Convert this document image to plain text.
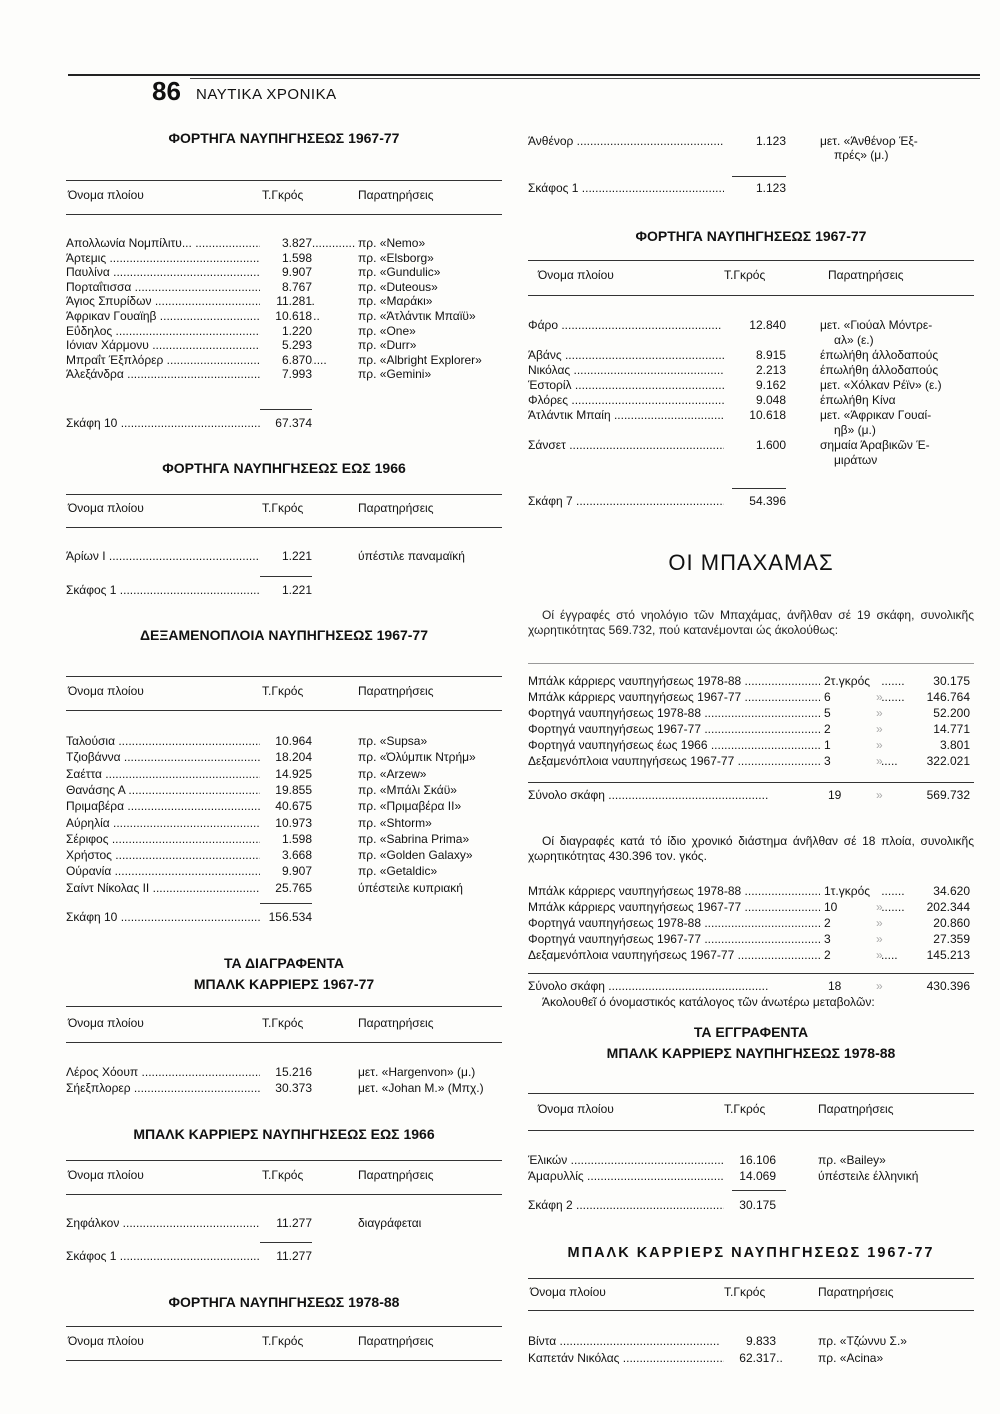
86 ΝΑΥΤΙΚΑ ΧΡΟΝΙΚΑ
ΦΟΡΤΗΓΑ ΝΑΥΠΗΓΗΣΕΩΣ 1967-77
Όνομα πλοίου	Τ.Γκρός	Παρατηρήσεις
Απολλωνία Νομπίλιτυ... .....	3.827	πρ. «Nemo»
Άρτεμις .....	1.598	πρ. «Elsborg»
Παυλίνα .....	9.907	πρ. «Gundulic»
Πορταΐτισσα .....	8.767	πρ. «Duteous»
Άγιος Σπυρίδων .....	11.281	πρ. «Μαράκι»
Άφρικαν Γουαϊηβ .....	10.618	πρ. «Άτλάντικ Μπαϊϋ»
Εΰδηλος .....	1.220	πρ. «One»
Ιόνιαν Χάρμονυ .....	5.293	πρ. «Durr»
Μπραΐτ Έξπλόρερ .....	6.870	πρ. «Albright Explorer»
Άλεξάνδρα .....	7.993	πρ. «Gemini»
Σκάφη 10 .....	67.374
ΦΟΡΤΗΓΑ ΝΑΥΠΗΓΗΣΕΩΣ ΕΩΣ 1966
Όνομα πλοίου	Τ.Γκρός	Παρατηρήσεις
Άρίων Ι .....	1.221	ύπέστιλε παναμαϊκή
Σκάφος 1 .....	1.221
ΔΕΞΑΜΕΝΟΠΛΟΙΑ ΝΑΥΠΗΓΗΣΕΩΣ 1967-77
Όνομα πλοίου	Τ.Γκρός	Παρατηρήσεις
Ταλούσια .....	10.964	πρ. «Supsa»
Τζιοβάννα .....	18.204	πρ. «Όλύμπικ Ντρήμ»
Σαέττα .....	14.925	πρ. «Arzew»
Θανάσης Α .....	19.855	πρ. «Μπάλι Σκάϋ»
Πριμαβέρα .....	40.675	πρ. «Πριμαβέρα ΙΙ»
Αύρηλία .....	10.973	πρ. «Shtorm»
Σέριφος .....	1.598	πρ. «Sabrina Prima»
Χρήστος .....	3.668	πρ. «Golden Galaxy»
Ούρανία .....	9.907	πρ. «Getaldic»
Σαίντ Νίκολας ΙΙ .....	25.765	ύπέστειλε κυπριακή
Σκάφη 10 .....	156.534
ΤΑ ΔΙΑΓΡΑΦΕΝΤΑ
ΜΠΑΛΚ ΚΑΡΡΙΕΡΣ 1967-77
Όνομα πλοίου	Τ.Γκρός	Παρατηρήσεις
Λέρος Χόουπ .....	15.216	μετ. «Hargenvon» (μ.)
Σήεξπλορερ .....	30.373	μετ. «Johan M.» (Μπχ.)
ΜΠΑΛΚ ΚΑΡΡΙΕΡΣ ΝΑΥΠΗΓΗΣΕΩΣ ΕΩΣ 1966
Όνομα πλοίου	Τ.Γκρός	Παρατηρήσεις
Σηφάλκον .....	11.277	διαγράφεται
Σκάφος 1 .....	11.277
ΦΟΡΤΗΓΑ ΝΑΥΠΗΓΗΣΕΩΣ 1978-88
Όνομα πλοίου	Τ.Γκρός	Παρατηρήσεις
Άνθένορ .....	1.123	μετ. «Άνθένορ Έξ-
πρές» (μ.)
Σκάφος 1 .....	1.123
ΦΟΡΤΗΓΑ ΝΑΥΠΗΓΗΣΕΩΣ 1967-77
Όνομα πλοίου	Τ.Γκρός	Παρατηρήσεις
Φάρο .....	12.840	μετ. «Γιούαλ Μόντρε-
αλ» (ε.)
Άβάνς .....	8.915	έπωλήθη άλλοδαπούς
Νικόλας .....	2.213	έπωλήθη άλλοδαπούς
Έστορίλ .....	9.162	μετ. «Χόλκαν Ρέϊν» (ε.)
Φλόρες .....	9.048	έπωλήθη Κίνα
Άτλάντικ Μπαίη .....	10.618	μετ. «Άφρικαν Γουαί-
ηβ» (μ.)
Σάνσετ .....	1.600	σημαία Άραβικῶν Έ-
μιράτων
Σκάφη 7 .....	54.396
ΟΙ ΜΠΑΧΑΜΑΣ
Οί έγγραφές στό νηολόγιο τῶν Μπαχάμας, άνῆλθαν σέ 19 σκάφη, συνολικῆς χωρητικότητας 569.732, πού κατανέμονται ώς άκολούθως:
Μπάλκ κάρριερς ναυπηγήσεως 1978-88 .....	2τ.γκρός	30.175
Μπάλκ κάρριερς ναυπηγήσεως 1967-77 .....	6	»	146.764
Φορτηγά ναυπηγήσεως 1978-88 .....	5	»	52.200
Φορτηγά ναυπηγήσεως 1967-77 .....	2	»	14.771
Φορτηγά ναυπηγήσεως έως 1966 .....	1	»	3.801
Δεξαμενόπλοια ναυπηγήσεως 1967-77 .....	3	»	322.021
Σύνολο σκάφη .....	19	»	569.732
Οί διαγραφές κατά τό ίδιο χρονικό διάστημα άνῆλθαν σέ 18 πλοία, συνολικῆς χωρητικότητας 430.396 τον. γκός.
Μπάλκ κάρριερς ναυπηγήσεως 1978-88 .....	1τ.γκρός	34.620
Μπάλκ κάρριερς ναυπηγήσεως 1967-77 .....	10	»	202.344
Φορτηγά ναυπηγήσεως 1978-88 .....	2	»	20.860
Φορτηγά ναυπηγήσεως 1967-77 .....	3	»	27.359
Δεξαμενόπλοια ναυπηγήσεως 1967-77 .....	2	»	145.213
Σύνολο σκάφη .....	18	»	430.396
Άκολουθεῖ ό όνομαστικός κατάλογος τῶν άνωτέρω μεταβολῶν:
ΤΑ ΕΓΓΡΑΦΕΝΤΑ
ΜΠΑΛΚ ΚΑΡΡΙΕΡΣ ΝΑΥΠΗΓΗΣΕΩΣ 1978-88
Όνομα πλοίου	Τ.Γκρός	Παρατηρήσεις
Έλικών .....	16.106	πρ. «Bailey»
Άμαρυλλίς .....	14.069	ύπέστειλε έλληνική
Σκάφη 2 .....	30.175
ΜΠΑΛΚ ΚΑΡΡΙΕΡΣ ΝΑΥΠΗΓΗΣΕΩΣ 1967-77
Όνομα πλοίου	Τ.Γκρός	Παρατηρήσεις
Βίντα .....	9.833	πρ. «Τζώννυ Σ.»
Καπετάν Νικόλας .....	62.317	πρ. «Acina»
